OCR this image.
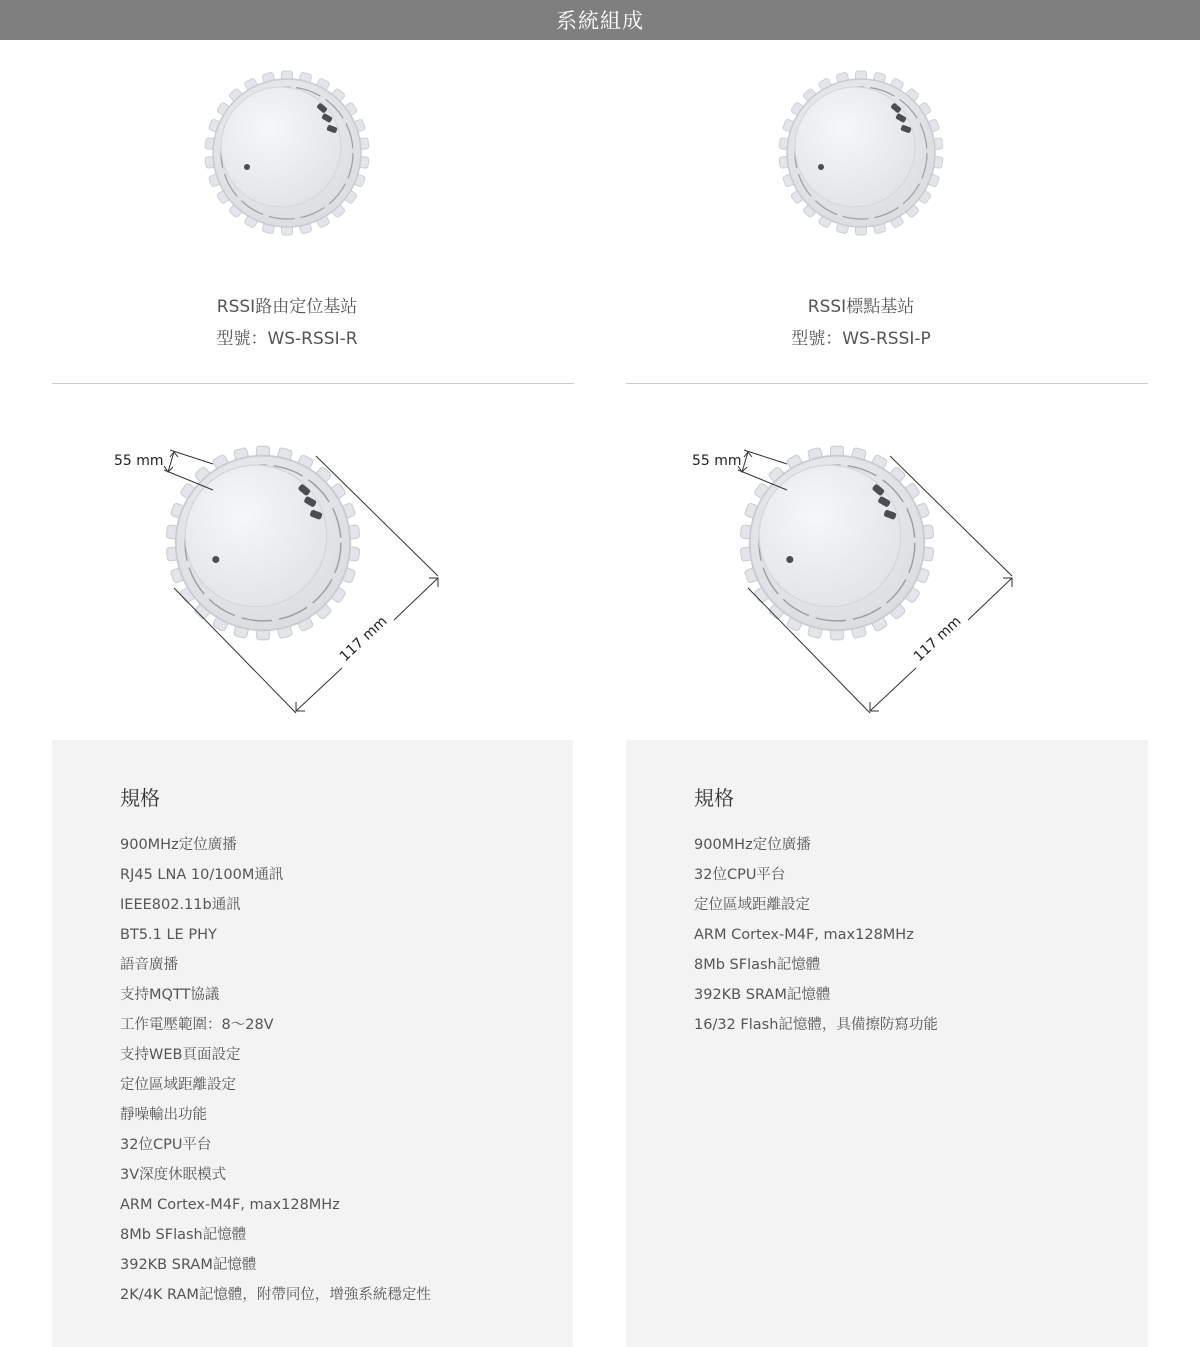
系統組成
RSSI路由定位基站
型號：WS-RSSI-R
55 mm
117 mm
規格
900MHz定位廣播
RJ45 LNA 10/100M通訊
IEEE802.11b通訊
BT5.1 LE PHY
語音廣播
支持MQTT協議
工作電壓範圍：8～28V
支持WEB頁面設定
定位區域距離設定
靜噪輸出功能
32位CPU平台
3V深度休眠模式
ARM Cortex-M4F, max128MHz
8Mb SFlash記憶體
392KB SRAM記憶體
2K/4K RAM記憶體，附帶同位，增強系統穩定性
RSSI標點基站
型號：WS-RSSI-P
55 mm
117 mm
規格
900MHz定位廣播
32位CPU平台
定位區域距離設定
ARM Cortex-M4F, max128MHz
8Mb SFlash記憶體
392KB SRAM記憶體
16/32 Flash記憶體，具備擦防寫功能
